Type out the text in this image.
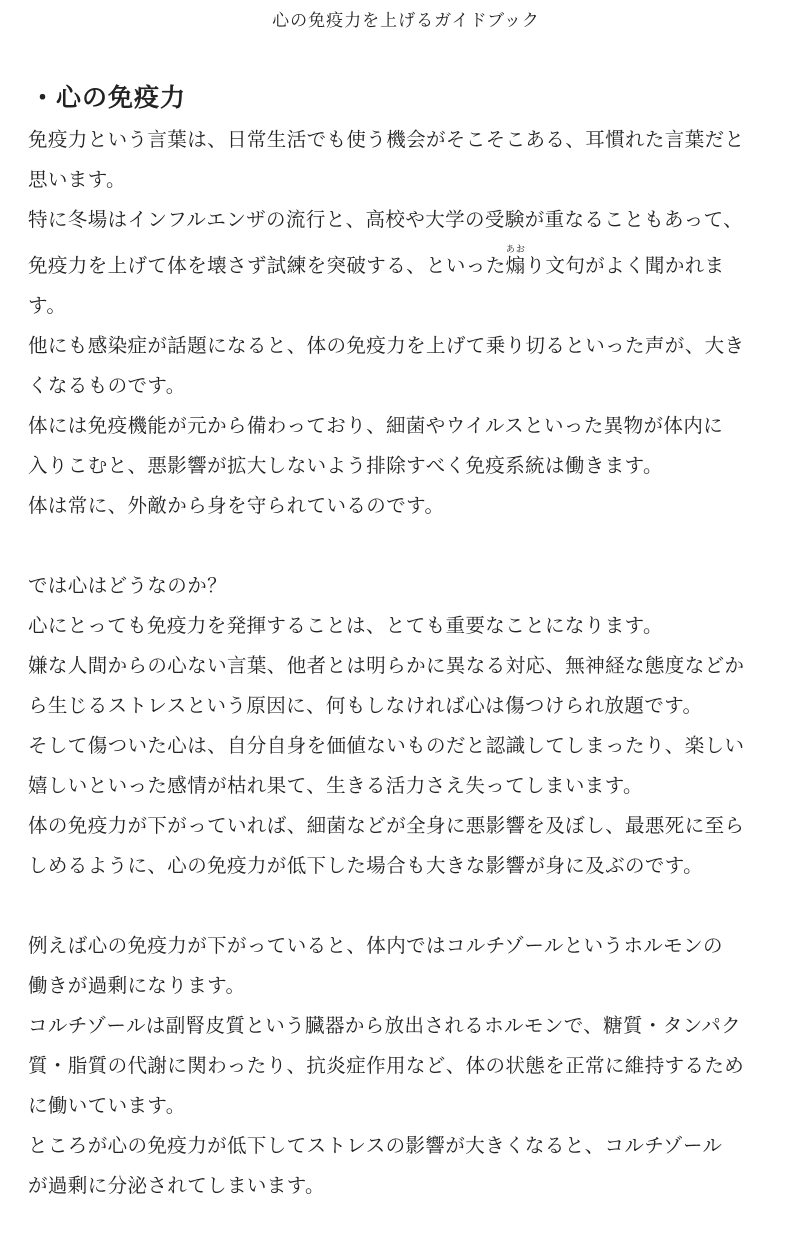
心の免疫力を上げるガイドブック
・心の免疫力
免疫力という言葉は、日常生活でも使う機会がそこそこある、耳慣れた言葉だと
思います。
特に冬場はインフルエンザの流行と、高校や大学の受験が重なることもあって、
免疫力を上げて体を壊さず試練を突破する、といった煽あおり文句がよく聞かれま
す。
他にも感染症が話題になると、体の免疫力を上げて乗り切るといった声が、大き
くなるものです。
体には免疫機能が元から備わっており、細菌やウイルスといった異物が体内に
入りこむと、悪影響が拡大しないよう排除すべく免疫系統は働きます。
体は常に、外敵から身を守られているのです。
では心はどうなのか？
心にとっても免疫力を発揮することは、とても重要なことになります。
嫌な人間からの心ない言葉、他者とは明らかに異なる対応、無神経な態度などか
ら生じるストレスという原因に、何もしなければ心は傷つけられ放題です。
そして傷ついた心は、自分自身を価値ないものだと認識してしまったり、楽しい
嬉しいといった感情が枯れ果て、生きる活力さえ失ってしまいます。
体の免疫力が下がっていれば、細菌などが全身に悪影響を及ぼし、最悪死に至ら
しめるように、心の免疫力が低下した場合も大きな影響が身に及ぶのです。
例えば心の免疫力が下がっていると、体内ではコルチゾールというホルモンの
働きが過剰になります。
コルチゾールは副腎皮質という臓器から放出されるホルモンで、糖質・タンパク
質・脂質の代謝に関わったり、抗炎症作用など、体の状態を正常に維持するため
に働いています。
ところが心の免疫力が低下してストレスの影響が大きくなると、コルチゾール
が過剰に分泌されてしまいます。
